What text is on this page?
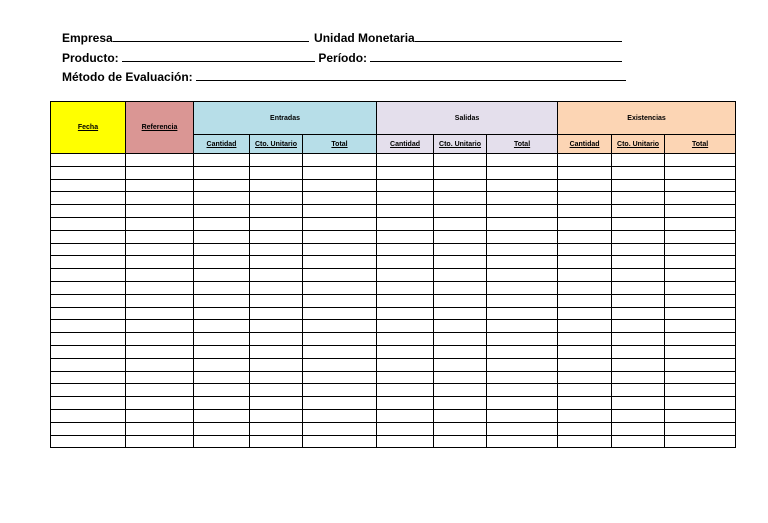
Empresa	Unidad Monetaria
Producto:	Período:
Método de Evaluación:
Fecha	Referencia	Entradas			Salidas			Existencias		
		Cantidad	Cto. Unitario	Total	Cantidad	Cto. Unitario	Total	Cantidad	Cto. Unitario	Total
